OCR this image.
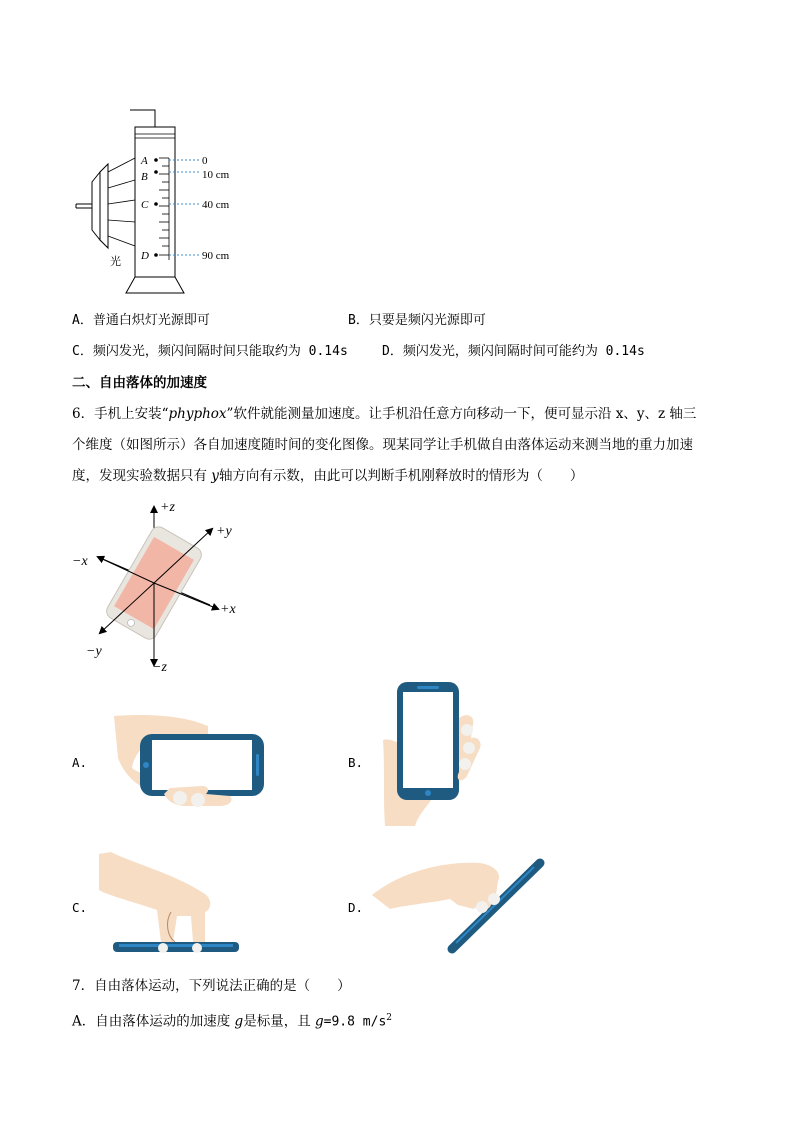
A
B
C
D
0
10 cm
40 cm
90 cm
光
A．普通白炽灯光源即可	B．只要是频闪光源即可
C．频闪发光，频闪间隔时间只能取约为 0.14s	D．频闪发光，频闪间隔时间可能约为 0.14s
二、自由落体的加速度
6．手机上安装“phyphox”软件就能测量加速度。让手机沿任意方向移动一下，便可显示沿 x、y、z 轴三
个维度（如图所示）各自加速度随时间的变化图像。现某同学让手机做自由落体运动来测当地的重力加速
度，发现实验数据只有 y轴方向有示数，由此可以判断手机刚释放时的情形为（　　）
+z
+y
−x
+x
−y
−z
A.	B.
C.	D.
7．自由落体运动，下列说法正确的是（　　）
A．自由落体运动的加速度 g是标量，且 g=9.8 $m/s^2$
